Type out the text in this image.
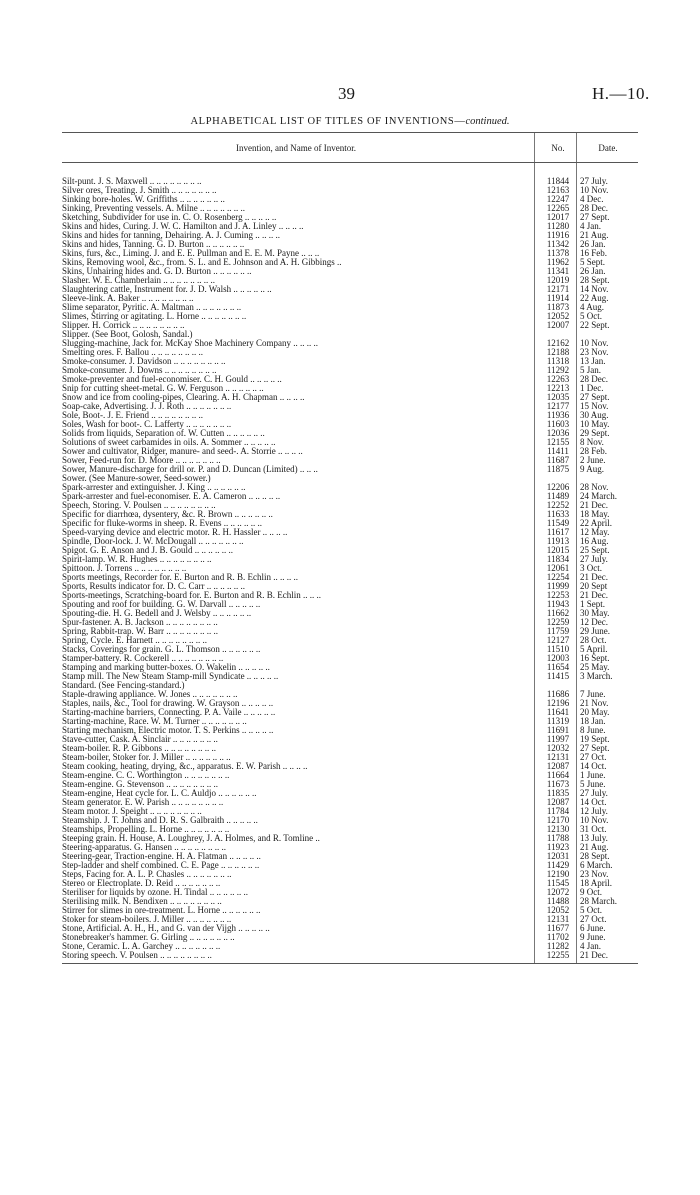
39	H.—10.
ALPHABETICAL LIST OF TITLES OF INVENTIONS—continued.
Invention, and Name of Inventor.	No.	Date.
Silt-punt. J. S. Maxwell .. .. .. .. .. .. .. ..	11844	27 July.
Silver ores, Treating. J. Smith .. .. .. .. .. .. ..	12163	10 Nov.
Sinking bore-holes. W. Griffiths .. .. .. .. .. .. ..	12247	4 Dec.
Sinking, Preventing vessels. A. Milne .. .. .. .. .. .. ..	12265	28 Dec.
Sketching, Subdivider for use in. C. O. Rosenberg .. .. .. .. ..	12017	27 Sept.
Skins and hides, Curing. J. W. C. Hamilton and J. A. Linley .. .. .. ..	11280	4 Jan.
Skins and hides for tanning, Dehairing. A. J. Cuming .. .. .. ..	11916	21 Aug.
Skins and hides, Tanning. G. D. Burton .. .. .. .. .. ..	11342	26 Jan.
Skins, furs, &c., Liming. J. and E. E. Pullman and E. E. M. Payne .. .. ..	11378	16 Feb.
Skins, Removing wool, &c., from. S. L. and E. Johnson and A. H. Gibbings ..	11962	5 Sept.
Skins, Unhairing hides and. G. D. Burton .. .. .. .. .. ..	11341	26 Jan.
Slasher. W. E. Chamberlain .. .. .. .. .. .. .. ..	12019	28 Sept.
Slaughtering cattle, Instrument for. J. D. Walsh .. .. .. .. .. ..	12171	14 Nov.
Sleeve-link. A. Baker .. .. .. .. .. .. .. ..	11914	22 Aug.
Slime separator, Pyritic. A. Maltman .. .. .. .. .. .. ..	11873	4 Aug.
Slimes, Stirring or agitating. L. Horne .. .. .. .. .. .. ..	12052	5 Oct.
Slipper. H. Corrick .. .. .. .. .. .. .. ..	12007	22 Sept.
Slipper. (See Boot, Golosh, Sandal.)
Slugging-machine, Jack for. McKay Shoe Machinery Company .. .. .. ..	12162	10 Nov.
Smelting ores. F. Ballou .. .. .. .. .. .. .. ..	12188	23 Nov.
Smoke-consumer. J. Davidson .. .. .. .. .. .. .. ..	11318	13 Jan.
Smoke-consumer. J. Downs .. .. .. .. .. .. .. ..	11292	5 Jan.
Smoke-preventer and fuel-economiser. C. H. Gould .. .. .. .. ..	12263	28 Dec.
Snip for cutting sheet-metal. G. W. Ferguson .. .. .. .. .. ..	12213	1 Dec.
Snow and ice from cooling-pipes, Clearing. A. H. Chapman .. .. .. ..	12035	27 Sept.
Soap-cake, Advertising. J. J. Roth .. .. .. .. .. .. ..	12177	15 Nov.
Sole, Boot-. J. E. Friend .. .. .. .. .. .. .. ..	11936	30 Aug.
Soles, Wash for boot-. C. Lafferty .. .. .. .. .. .. ..	11603	10 May.
Solids from liquids, Separation of. W. Cutten .. .. .. .. .. ..	12036	29 Sept.
Solutions of sweet carbamides in oils. A. Sommer .. .. .. .. ..	12155	8 Nov.
Sower and cultivator, Ridger, manure- and seed-. A. Storrie .. .. .. ..	11411	28 Feb.
Sower, Feed-run for. D. Moore .. .. .. .. .. .. ..	11687	2 June.
Sower, Manure-discharge for drill or. P. and D. Duncan (Limited) .. .. ..	11875	9 Aug.
Sower. (See Manure-sower, Seed-sower.)
Spark-arrester and extinguisher. J. King .. .. .. .. .. ..	12206	28 Nov.
Spark-arrester and fuel-economiser. E. A. Cameron .. .. .. .. ..	11489	24 March.
Speech, Storing. V. Poulsen .. .. .. .. .. .. .. ..	12252	21 Dec.
Specific for diarrhœa, dysentery, &c. R. Brown .. .. .. .. .. ..	11633	18 May.
Specific for fluke-worms in sheep. R. Evens .. .. .. .. .. ..	11549	22 April.
Speed-varying device and electric motor. R. H. Hassler .. .. .. ..	11617	12 May.
Spindle, Door-lock. J. W. McDougall .. .. .. .. .. .. ..	11913	16 Aug.
Spigot. G. E. Anson and J. B. Gould .. .. .. .. .. ..	12015	25 Sept.
Spirit-lamp. W. R. Hughes .. .. .. .. .. .. .. ..	11834	27 July.
Spittoon. J. Torrens .. .. .. .. .. .. .. ..	12061	3 Oct.
Sports meetings, Recorder for. E. Burton and R. B. Echlin .. .. .. ..	12254	21 Dec.
Sports, Results indicator for. D. C. Carr .. .. .. .. .. ..	11999	20 Sept
Sports-meetings, Scratching-board for. E. Burton and R. B. Echlin .. .. ..	12253	21 Dec.
Spouting and roof for building. G. W. Darvall .. .. .. .. ..	11943	1 Sept.
Spouting-die. H. G. Bedell and J. Welsby .. .. .. .. .. ..	11662	30 May.
Spur-fastener. A. B. Jackson .. .. .. .. .. .. .. ..	12259	12 Dec.
Spring, Rabbit-trap. W. Barr .. .. .. .. .. .. .. ..	11759	29 June.
Spring, Cycle. E. Harnett .. .. .. .. .. .. .. ..	12127	28 Oct.
Stacks, Coverings for grain. G. L. Thomson .. .. .. .. .. ..	11510	5 April.
Stamper-battery. R. Cockerell .. .. .. .. .. .. .. ..	12003	16 Sept.
Stamping and marking butter-boxes. O. Wakelin .. .. .. .. ..	11654	25 May.
Stamp mill. The New Steam Stamp-mill Syndicate .. .. .. .. ..	11415	3 March.
Standard. (See Fencing-standard.)
Staple-drawing appliance. W. Jones .. .. .. .. .. .. ..	11686	7 June.
Staples, nails, &c., Tool for drawing. W. Grayson .. .. .. .. ..	12196	21 Nov.
Starting-machine barriers, Connecting. P. A. Vaile .. .. .. .. ..	11641	20 May.
Starting-machine, Race. W. M. Turner .. .. .. .. .. .. ..	11319	18 Jan.
Starting mechanism, Electric motor. T. S. Perkins .. .. .. .. ..	11691	8 June.
Stave-cutter, Cask. A. Sinclair .. .. .. .. .. .. ..	11997	19 Sept.
Steam-boiler. R. P. Gibbons .. .. .. .. .. .. .. ..	12032	27 Sept.
Steam-boiler, Stoker for. J. Miller .. .. .. .. .. .. ..	12131	27 Oct.
Steam cooking, heating, drying, &c., apparatus. E. W. Parish .. .. .. ..	12087	14 Oct.
Steam-engine. C. C. Worthington .. .. .. .. .. .. ..	11664	1 June.
Steam-engine. G. Stevenson .. .. .. .. .. .. .. ..	11673	5 June.
Steam-engine, Heat cycle for. L. C. Auldjo .. .. .. .. .. ..	11835	27 July.
Steam generator. E. W. Parish .. .. .. .. .. .. .. ..	12087	14 Oct.
Steam motor. J. Speight .. .. .. .. .. .. .. ..	11784	12 July.
Steamship. J. T. Johns and D. R. S. Galbraith .. .. .. .. ..	12170	10 Nov.
Steamships, Propelling. L. Horne .. .. .. .. .. .. ..	12130	31 Oct.
Steeping grain. H. House, A. Loughrey, J. A. Holmes, and R. Tomline ..	11788	13 July.
Steering-apparatus. G. Hansen .. .. .. .. .. .. .. ..	11923	21 Aug.
Steering-gear, Traction-engine. H. A. Flatman .. .. .. .. ..	12031	28 Sept.
Step-ladder and shelf combined. C. E. Page .. .. .. .. .. ..	11429	6 March.
Steps, Facing for. A. L. P. Chasles .. .. .. .. .. .. ..	12190	23 Nov.
Stereo or Electroplate. D. Reid .. .. .. .. .. .. ..	11545	18 April.
Steriliser for liquids by ozone. H. Tindal .. .. .. .. .. ..	12072	9 Oct.
Sterilising milk. N. Bendixen .. .. .. .. .. .. .. ..	11488	28 March.
Stirrer for slimes in ore-treatment. L. Horne .. .. .. .. .. ..	12052	5 Oct.
Stoker for steam-boilers. J. Miller .. .. .. .. .. .. ..	12131	27 Oct.
Stone, Artificial. A. H., H., and G. van der Vijgh .. .. .. .. ..	11677	6 June.
Stonebreaker's hammer. G. Girling .. .. .. .. .. .. ..	11702	9 June.
Stone, Ceramic. L. A. Garchey .. .. .. .. .. .. ..	11282	4 Jan.
Storing speech. V. Poulsen .. .. .. .. .. .. .. ..	12255	21 Dec.
